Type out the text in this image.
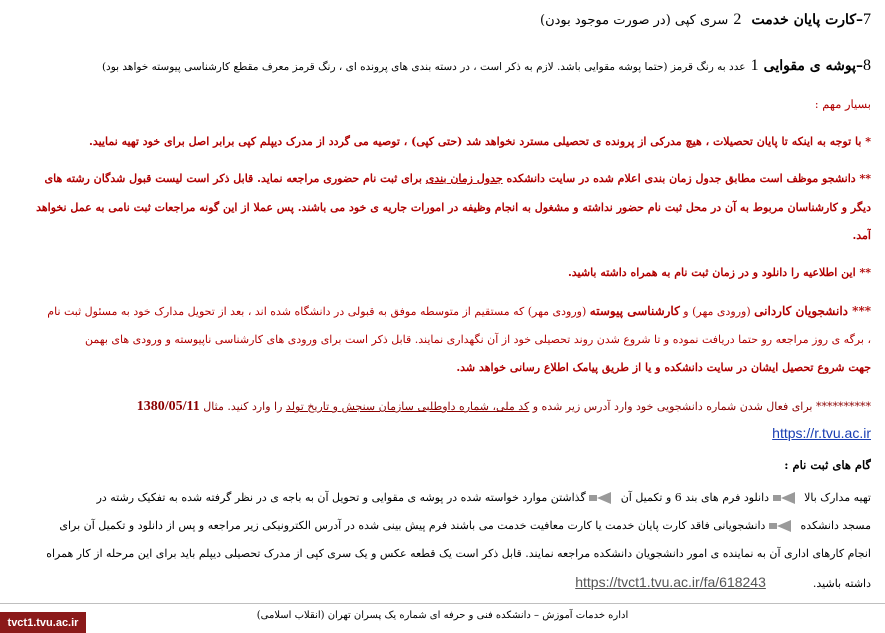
7–کارت پایان خدمت  2 سری کپی (در صورت موجود بودن)
8–پوشه ی مقوایی 1 عدد به رنگ قرمز (حتما پوشه مقوایی باشد. لازم به ذکر است ، در دسته بندی های پرونده ای ، رنگ قرمز معرف مقطع کارشناسی پیوسته خواهد بود)
بسیار مهم :
* با توجه به اینکه تا پایان تحصیلات ، هیچ مدرکی از پرونده ی تحصیلی مسترد نخواهد شد (حتی کپی) ، توصیه می گردد از مدرک دیپلم کپی برابر اصل برای خود تهیه نمایید.
** دانشجو موظف است مطابق جدول زمان بندی اعلام شده در سایت دانشکده جدول زمان بندی برای ثبت نام حضوری مراجعه نماید. قابل ذکر است لیست قبول شدگان رشته های
دیگر و کارشناسان مربوط به آن در محل ثبت نام حضور نداشته و مشغول به انجام وظیفه در امورات جاریه ی خود می باشند. پس عملا از این گونه مراجعات ثبت نامی به عمل نخواهد
آمد.
** این اطلاعیه را دانلود و در زمان ثبت نام به همراه داشته باشید.
*** دانشجویان کاردانی (ورودی مهر) و کارشناسی پیوسته (ورودی مهر) که مستقیم از متوسطه موفق به قبولی در دانشگاه شده اند ، بعد از تحویل مدارک خود به مسئول ثبت نام
، برگه ی روز مراجعه رو حتما دریافت نموده و تا شروع شدن روند تحصیلی خود از آن نگهداری نمایند. قابل ذکر است برای ورودی های کارشناسی ناپیوسته و ورودی های بهمن
جهت شروع تحصیل ایشان در سایت دانشکده و یا از طریق پیامک اطلاع رسانی خواهد شد.
********** برای فعال شدن شماره دانشجویی خود وارد آدرس زیر شده و کد ملی، شماره داوطلبی سازمان سنجش و تاریخ تولد را وارد کنید. مثال 1380/05/11
https://r.tvu.ac.ir
گام های ثبت نام :
تهیه مدارک بالا  دانلود فرم های بند 6 و تکمیل آن  گذاشتن موارد خواسته شده در پوشه ی مقوایی و تحویل آن به باجه ی در نظر گرفته شده به تفکیک رشته در
مسجد دانشکده  دانشجویانی فاقد کارت پایان خدمت یا کارت معافیت خدمت می باشند فرم پیش بینی شده در آدرس الکترونیکی زیر مراجعه و پس از دانلود و تکمیل آن برای
انجام کارهای اداری آن به نماینده ی امور دانشجویان دانشکده مراجعه نمایند. قابل ذکر است یک قطعه عکس و یک سری کپی از مدرک تحصیلی دیپلم باید برای این مرحله از کار همراه
داشته باشید.  https://tvct1.tvu.ac.ir/fa/618243
اداره خدمات آموزش – دانشکده فنی و حرفه ای شماره یک پسران تهران (انقلاب اسلامی)
tvct1.tvu.ac.ir
